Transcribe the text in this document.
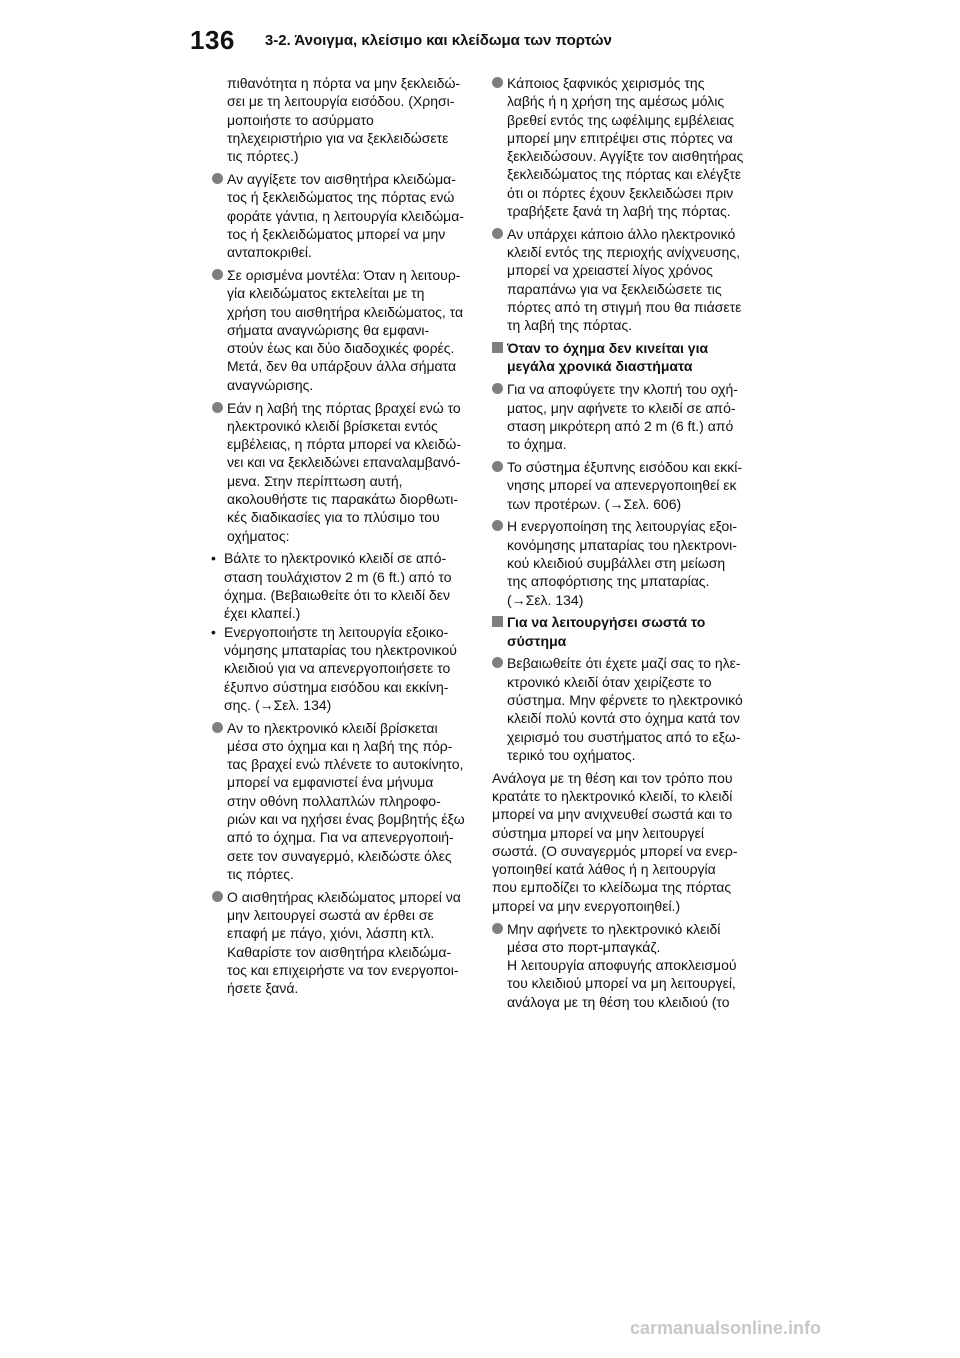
136 3-2. Άνοιγμα, κλείσιμο και κλείδωμα των πορτών
πιθανότητα η πόρτα να μην ξεκλειδώ-
σει με τη λειτουργία εισόδου. (Χρησι-
μοποιήστε το ασύρματο
τηλεχειριστήριο για να ξεκλειδώσετε
τις πόρτες.)
Αν αγγίξετε τον αισθητήρα κλειδώμα-
τος ή ξεκλειδώματος της πόρτας ενώ
φοράτε γάντια, η λειτουργία κλειδώμα-
τος ή ξεκλειδώματος μπορεί να μην
ανταποκριθεί.
Σε ορισμένα μοντέλα: Όταν η λειτουρ-
γία κλειδώματος εκτελείται με τη
χρήση του αισθητήρα κλειδώματος, τα
σήματα αναγνώρισης θα εμφανι-
στούν έως και δύο διαδοχικές φορές.
Μετά, δεν θα υπάρξουν άλλα σήματα
αναγνώρισης.
Εάν η λαβή της πόρτας βραχεί ενώ το
ηλεκτρονικό κλειδί βρίσκεται εντός
εμβέλειας, η πόρτα μπορεί να κλειδώ-
νει και να ξεκλειδώνει επαναλαμβανό-
μενα. Στην περίπτωση αυτή,
ακολουθήστε τις παρακάτω διορθωτι-
κές διαδικασίες για το πλύσιμο του
οχήματος:
• Βάλτε το ηλεκτρονικό κλειδί σε από-
σταση τουλάχιστον 2 m (6 ft.) από το
όχημα. (Βεβαιωθείτε ότι το κλειδί δεν
έχει κλαπεί.)
• Ενεργοποιήστε τη λειτουργία εξοικο-
νόμησης μπαταρίας του ηλεκτρονικού
κλειδιού για να απενεργοποιήσετε το
έξυπνο σύστημα εισόδου και εκκίνη-
σης. (→Σελ. 134)
Αν το ηλεκτρονικό κλειδί βρίσκεται
μέσα στο όχημα και η λαβή της πόρ-
τας βραχεί ενώ πλένετε το αυτοκίνητο,
μπορεί να εμφανιστεί ένα μήνυμα
στην οθόνη πολλαπλών πληροφο-
ριών και να ηχήσει ένας βομβητής έξω
από το όχημα. Για να απενεργοποιή-
σετε τον συναγερμό, κλειδώστε όλες
τις πόρτες.
Ο αισθητήρας κλειδώματος μπορεί να
μην λειτουργεί σωστά αν έρθει σε
επαφή με πάγο, χιόνι, λάσπη κτλ.
Καθαρίστε τον αισθητήρα κλειδώμα-
τος και επιχειρήστε να τον ενεργοποι-
ήσετε ξανά.
Κάποιος ξαφνικός χειρισμός της
λαβής ή η χρήση της αμέσως μόλις
βρεθεί εντός της ωφέλιμης εμβέλειας
μπορεί μην επιτρέψει στις πόρτες να
ξεκλειδώσουν. Αγγίξτε τον αισθητήρας
ξεκλειδώματος της πόρτας και ελέγξτε
ότι οι πόρτες έχουν ξεκλειδώσει πριν
τραβήξετε ξανά τη λαβή της πόρτας.
Αν υπάρχει κάποιο άλλο ηλεκτρονικό
κλειδί εντός της περιοχής ανίχνευσης,
μπορεί να χρειαστεί λίγος χρόνος
παραπάνω για να ξεκλειδώσετε τις
πόρτες από τη στιγμή που θα πιάσετε
τη λαβή της πόρτας.
Όταν το όχημα δεν κινείται για
μεγάλα χρονικά διαστήματα
Για να αποφύγετε την κλοπή του οχή-
ματος, μην αφήνετε το κλειδί σε από-
σταση μικρότερη από 2 m (6 ft.) από
το όχημα.
Το σύστημα έξυπνης εισόδου και εκκί-
νησης μπορεί να απενεργοποιηθεί εκ
των προτέρων. (→Σελ. 606)
Η ενεργοποίηση της λειτουργίας εξοι-
κονόμησης μπαταρίας του ηλεκτρονι-
κού κλειδιού συμβάλλει στη μείωση
της αποφόρτισης της μπαταρίας.
(→Σελ. 134)
Για να λειτουργήσει σωστά το
σύστημα
Βεβαιωθείτε ότι έχετε μαζί σας το ηλε-
κτρονικό κλειδί όταν χειρίζεστε το
σύστημα. Μην φέρνετε το ηλεκτρονικό
κλειδί πολύ κοντά στο όχημα κατά τον
χειρισμό του συστήματος από το εξω-
τερικό του οχήματος.
Ανάλογα με τη θέση και τον τρόπο που
κρατάτε το ηλεκτρονικό κλειδί, το κλειδί
μπορεί να μην ανιχνευθεί σωστά και το
σύστημα μπορεί να μην λειτουργεί
σωστά. (Ο συναγερμός μπορεί να ενερ-
γοποιηθεί κατά λάθος ή η λειτουργία
που εμποδίζει το κλείδωμα της πόρτας
μπορεί να μην ενεργοποιηθεί.)
Μην αφήνετε το ηλεκτρονικό κλειδί
μέσα στο πορτ-μπαγκάζ.
Η λειτουργία αποφυγής αποκλεισμού
του κλειδιού μπορεί να μη λειτουργεί,
ανάλογα με τη θέση του κλειδιού (το
carmanualsonline.info
